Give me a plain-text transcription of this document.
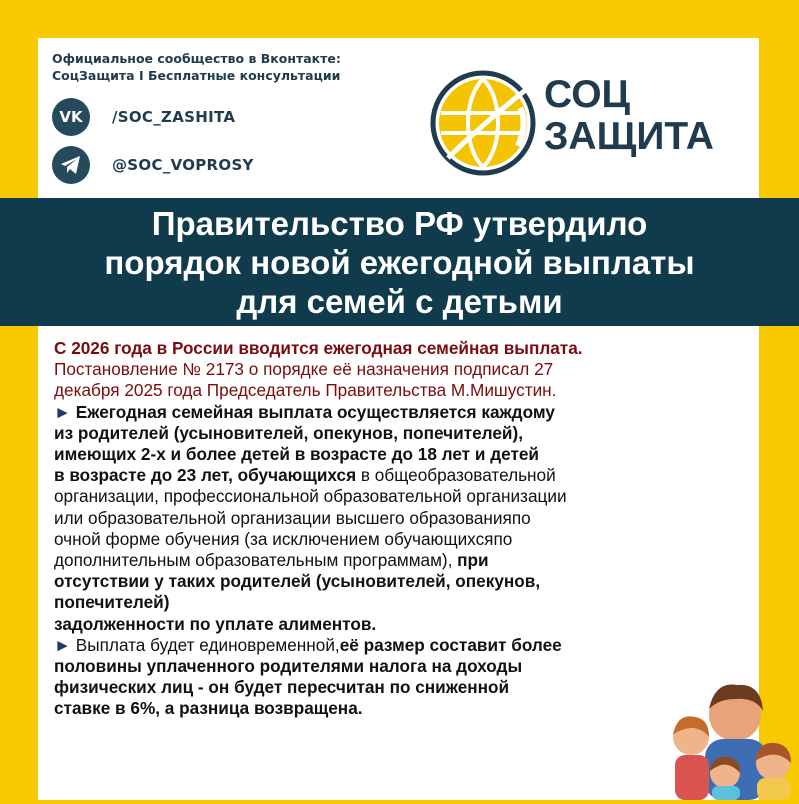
Официальное сообщество в Вконтакте:
СоцЗащита I Бесплатные консультации
VK	/SOC_ZASHITA
@SOC_VOPROSY
СОЦ
ЗАЩИТА
Правительство РФ утвердило
порядок новой ежегодной выплаты
для семей с детьми
С 2026 года в России вводится ежегодная семейная выплата.
Постановление № 2173 о порядке её назначения подписал 27
декабря 2025 года Председатель Правительства М.Мишустин.
► Ежегодная семейная выплата осуществляется каждому
из родителей (усыновителей, опекунов, попечителей),
имеющих 2-х и более детей в возрасте до 18 лет и детей
в возрасте до 23 лет, обучающихся в общеобразовательной
организации, профессиональной образовательной организации
или образовательной организации высшего образованияпо
очной форме обучения (за исключением обучающихсяпо
дополнительным образовательным программам), при
отсутствии у таких родителей (усыновителей, опекунов,
попечителей)
задолженности по уплате алиментов.
► Выплата будет единовременной,её размер составит более
половины уплаченного родителями налога на доходы
физических лиц - он будет пересчитан по сниженной
ставке в 6%, а разница возвращена.
